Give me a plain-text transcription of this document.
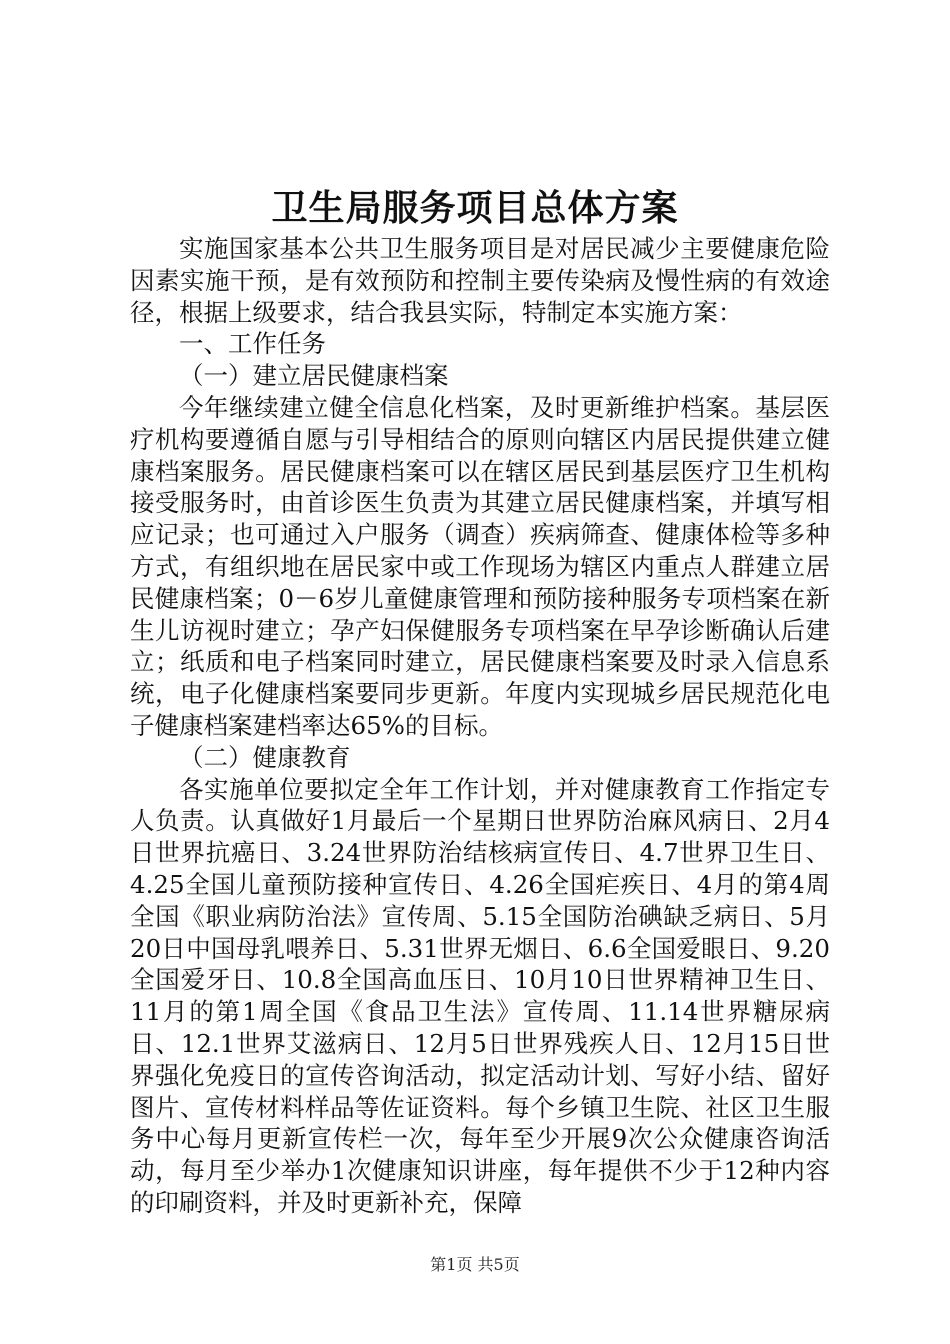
卫生局服务项目总体方案

实施国家基本公共卫生服务项目是对居民减少主要健康危险因素实施干预，是有效预防和控制主要传染病及慢性病的有效途径，根据上级要求，结合我县实际，特制定本实施方案：

一、工作任务

（一）建立居民健康档案

今年继续建立健全信息化档案，及时更新维护档案。基层医疗机构要遵循自愿与引导相结合的原则向辖区内居民提供建立健康档案服务。居民健康档案可以在辖区居民到基层医疗卫生机构接受服务时，由首诊医生负责为其建立居民健康档案，并填写相应记录；也可通过入户服务（调查）疾病筛查、健康体检等多种方式，有组织地在居民家中或工作现场为辖区内重点人群建立居民健康档案；0－6岁儿童健康管理和预防接种服务专项档案在新生儿访视时建立；孕产妇保健服务专项档案在早孕诊断确认后建立；纸质和电子档案同时建立，居民健康档案要及时录入信息系统，电子化健康档案要同步更新。年度内实现城乡居民规范化电子健康档案建档率达65%的目标。

（二）健康教育

各实施单位要拟定全年工作计划，并对健康教育工作指定专人负责。认真做好1月最后一个星期日世界防治麻风病日、2月4日世界抗癌日、3.24世界防治结核病宣传日、4.7世界卫生日、4.25全国儿童预防接种宣传日、4.26全国疟疾日、4月的第4周全国《职业病防治法》宣传周、5.15全国防治碘缺乏病日、5月20日中国母乳喂养日、5.31世界无烟日、6.6全国爱眼日、9.20全国爱牙日、10.8全国高血压日、10月10日世界精神卫生日、11月的第1周全国《食品卫生法》宣传周、11.14世界糖尿病日、12.1世界艾滋病日、12月5日世界残疾人日、12月15日世界强化免疫日的宣传咨询活动，拟定活动计划、写好小结、留好图片、宣传材料样品等佐证资料。每个乡镇卫生院、社区卫生服务中心每月更新宣传栏一次，每年至少开展9次公众健康咨询活动，每月至少举办1次健康知识讲座，每年提供不少于12种内容的印刷资料，并及时更新补充，保障

第1页 共5页
